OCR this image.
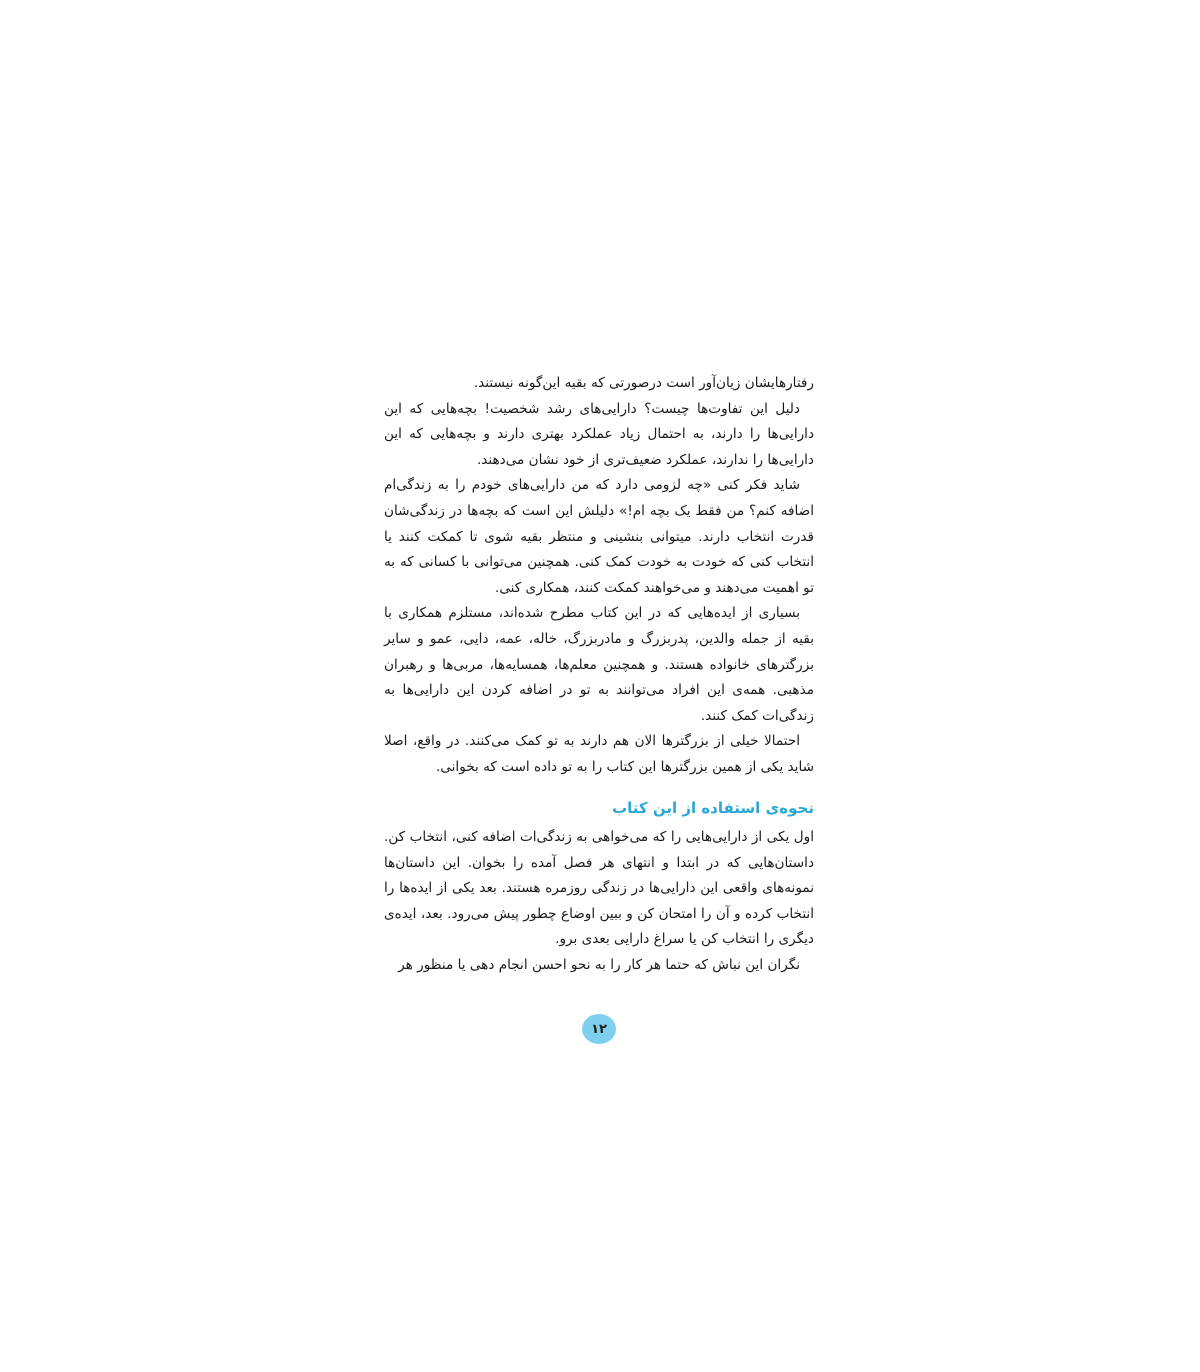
رفتارهایشان زیان‌آور است درصورتی که بقیه این‌گونه نیستند.

دلیل این تفاوت‌ها چیست؟ دارایی‌های رشد شخصیت! بچه‌هایی که این دارایی‌ها را دارند، به احتمال زیاد عملکرد بهتری دارند و بچه‌هایی که این دارایی‌ها را ندارند، عملکرد ضعیف‌تری از خود نشان می‌دهند.

شاید فکر کنی «چه لزومی دارد که من دارایی‌های خودم را به زندگی‌ام اضافه کنم؟ من فقط یک بچه ام!» دلیلش این است که بچه‌ها در زندگی‌شان قدرت انتخاب دارند. میتوانی بنشینی و منتظر بقیه شوی تا کمکت کنند یا انتخاب کنی که خودت به خودت کمک کنی. همچنین می‌توانی با کسانی که به تو اهمیت می‌دهند و می‌خواهند کمکت کنند، همکاری کنی.

بسیاری از ایده‌هایی که در این کتاب مطرح شده‌اند، مستلزم همکاری با بقیه از جمله والدین، پدربزرگ و مادربزرگ، خاله، عمه، دایی، عمو و سایر بزرگترهای خانواده هستند. و همچنین معلم‌ها، همسایه‌ها، مربی‌ها و رهبران مذهبی. همه‌ی این افراد می‌توانند به تو در اضافه کردن این دارایی‌ها به زندگی‌ات کمک کنند.

احتمالا خیلی از بزرگترها الان هم دارند به تو کمک می‌کنند. در واقع، اصلا شاید یکی از همین بزرگترها این کتاب را به تو داده است که بخوانی.

نحوه‌ی استفاده از این کتاب

اول یکی از دارایی‌هایی را که می‌خواهی به زندگی‌ات اضافه کنی، انتخاب کن. داستان‌هایی که در ابتدا و انتهای هر فصل آمده را بخوان. این داستان‌ها نمونه‌های واقعی این دارایی‌ها در زندگی روزمره هستند. بعد یکی از ایده‌ها را انتخاب کرده و آن را امتحان کن و ببین اوضاع چطور پیش می‌رود. بعد، ایده‌ی دیگری را انتخاب کن یا سراغ دارایی بعدی برو.

نگران این نباش که حتما هر کار را به نحو احسن انجام دهی یا منظور هر

۱۲
